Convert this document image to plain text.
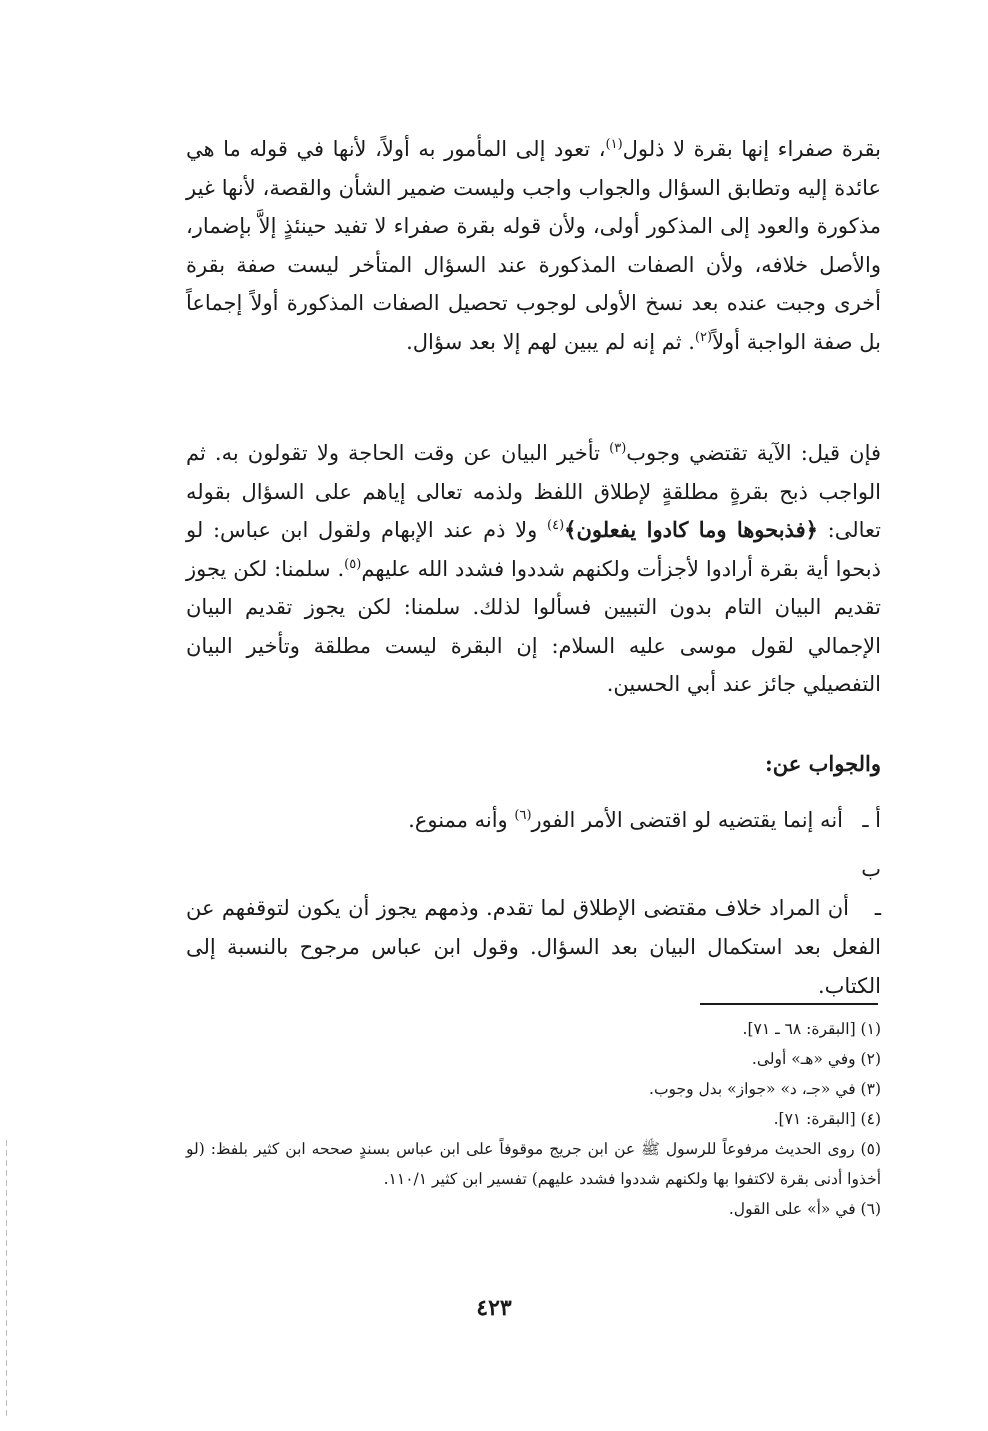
بقرة صفراء إنها بقرة لا ذلول$^{(١)}$، تعود إلى المأمور به أولاً، لأنها في قوله ما هي عائدة إليه وتطابق السؤال والجواب واجب وليست ضمير الشأن والقصة، لأنها غير مذكورة والعود إلى المذكور أولى، ولأن قوله بقرة صفراء لا تفيد حينئذٍ إلاَّ بإضمار، والأصل خلافه، ولأن الصفات المذكورة عند السؤال المتأخر ليست صفة بقرة أخرى وجبت عنده بعد نسخ الأولى لوجوب تحصيل الصفات المذكورة أولاً إجماعاً بل صفة الواجبة أولاً$^{(٢)}$. ثم إنه لم يبين لهم إلا بعد سؤال.
فإن قيل: الآية تقتضي وجوب$^{(٣)}$ تأخير البيان عن وقت الحاجة ولا تقولون به. ثم الواجب ذبح بقرةٍ مطلقةٍ لإطلاق اللفظ ولذمه تعالى إياهم على السؤال بقوله تعالى: ﴿فذبحوها وما كادوا يفعلون﴾$^{(٤)}$ ولا ذم عند الإبهام ولقول ابن عباس: لو ذبحوا أية بقرة أرادوا لأجزأت ولكنهم شددوا فشدد الله عليهم$^{(٥)}$. سلمنا: لكن يجوز تقديم البيان التام بدون التبيين فسألوا لذلك. سلمنا: لكن يجوز تقديم البيان الإجمالي لقول موسى عليه السلام: إن البقرة ليست مطلقة وتأخير البيان التفصيلي جائز عند أبي الحسين.
والجواب عن:
أ ـأنه إنما يقتضيه لو اقتضى الأمر الفور$^{(٦)}$ وأنه ممنوع.
ب ـأن المراد خلاف مقتضى الإطلاق لما تقدم. وذمهم يجوز أن يكون لتوقفهم عن الفعل بعد استكمال البيان بعد السؤال. وقول ابن عباس مرجوح بالنسبة إلى الكتاب.

(١) [البقرة: ٦٨ ـ ٧١].

(٢) وفي «هـ» أولى.

(٣) في «جـ، د» «جواز» بدل وجوب.

(٤) [البقرة: ٧١].

(٥) روى الحديث مرفوعاً للرسول ﷺ عن ابن جريج موقوفاً على ابن عباس بسندٍ صححه ابن كثير بلفظ: (لو أخذوا أدنى بقرة لاكتفوا بها ولكنهم شددوا فشدد عليهم) تفسير ابن كثير ١١٠/١.

(٦) في «أ» على القول.

٤٢٣
